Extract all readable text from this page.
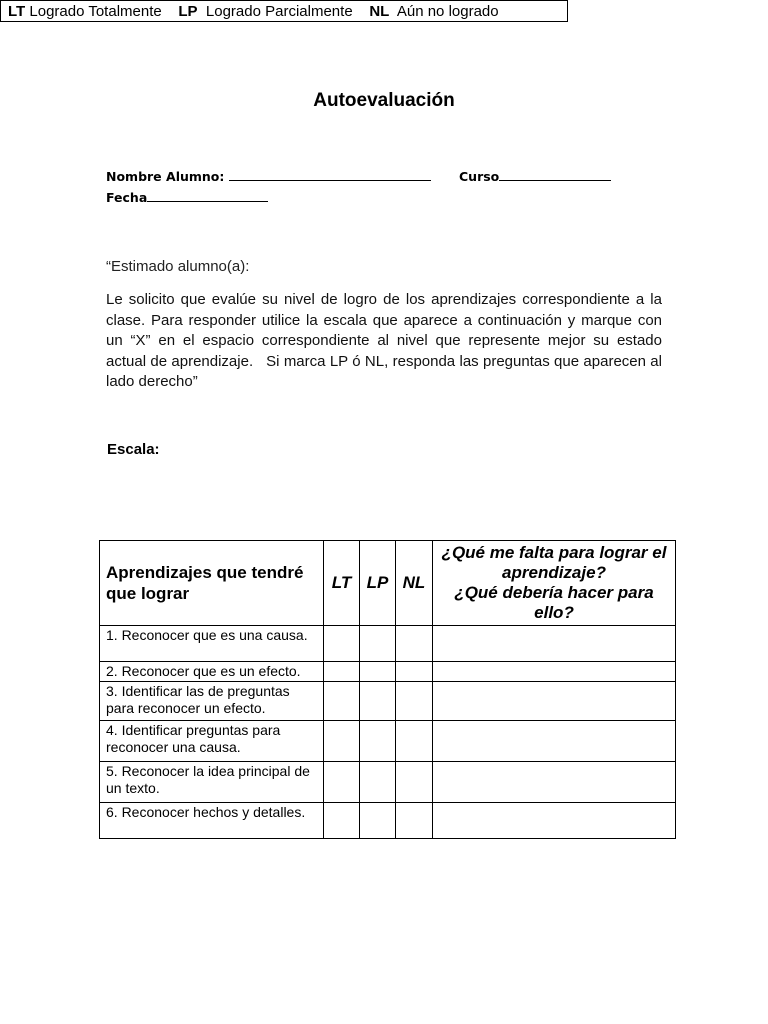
Autoevaluación
Nombre Alumno:	Curso
Fecha
“Estimado alumno(a):
Le solicito que evalúe su nivel de logro de los aprendizajes correspondiente a la clase. Para responder utilice la escala que aparece a continuación y marque con un “X” en el espacio correspondiente al nivel que represente mejor su estado actual de aprendizaje. Si marca LP ó NL, responda las preguntas que aparecen al lado derecho”
Escala:
LT Logrado Totalmente LP Logrado Parcialmente NL Aún no logrado
Aprendizajes que tendré que lograr	LT	LP	NL	¿Qué me falta para lograr el aprendizaje?
¿Qué debería hacer para ello?

1. Reconocer que es una causa.				
2. Reconocer que es un efecto.				
3. Identificar las de preguntas para reconocer un efecto.				
4. Identificar preguntas para reconocer una causa.				
5. Reconocer la idea principal de un texto.				
6. Reconocer hechos y detalles.				
